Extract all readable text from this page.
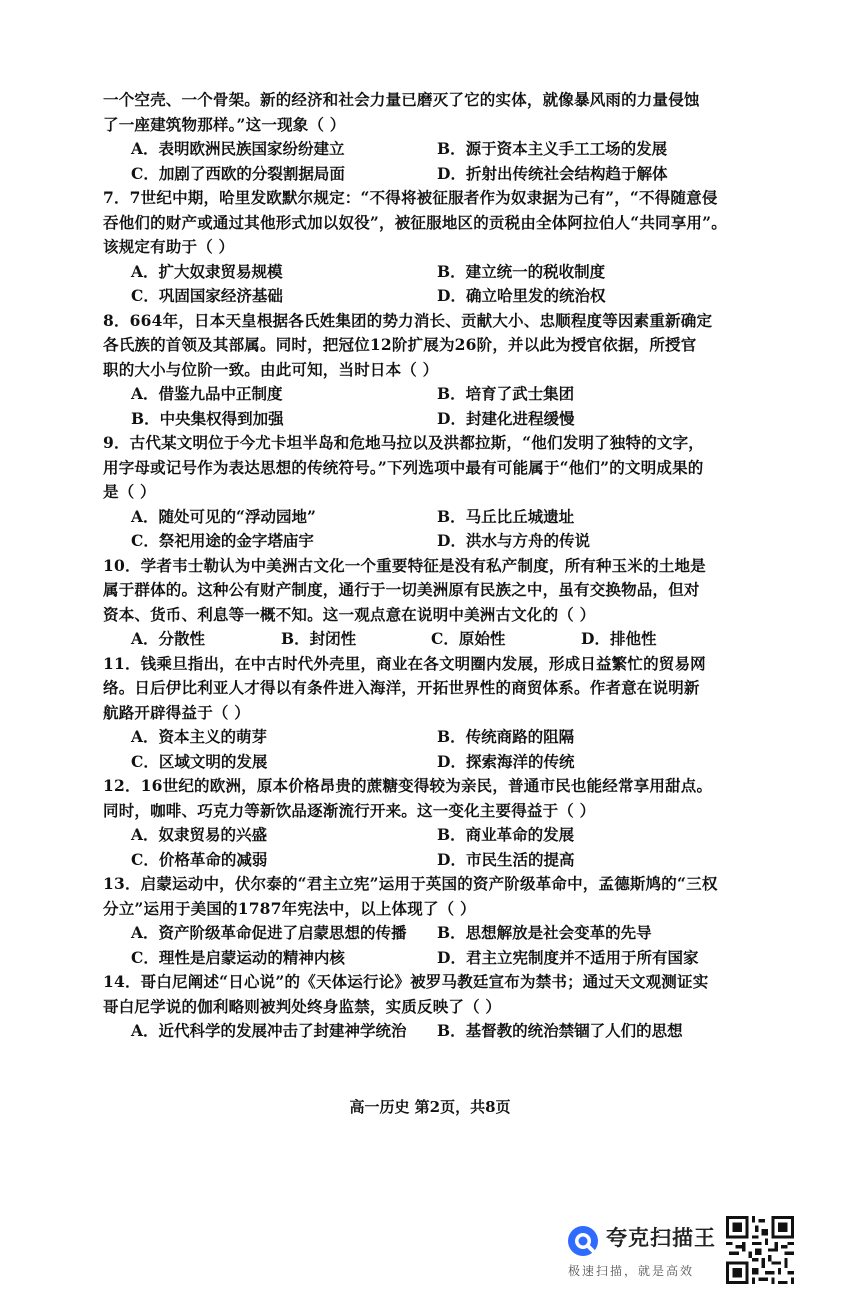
一个空壳、一个骨架。新的经济和社会力量已磨灭了它的实体，就像暴风雨的力量侵蚀
了一座建筑物那样。”这一现象（ ）
A．表明欧洲民族国家纷纷建立	B．源于资本主义手工工场的发展
C．加剧了西欧的分裂割据局面	D．折射出传统社会结构趋于解体
7．7世纪中期，哈里发欧默尔规定：“不得将被征服者作为奴隶据为己有”，“不得随意侵
吞他们的财产或通过其他形式加以奴役”，被征服地区的贡税由全体阿拉伯人“共同享用”。
该规定有助于（ ）
A．扩大奴隶贸易规模	B．建立统一的税收制度
C．巩固国家经济基础	D．确立哈里发的统治权
8．664年，日本天皇根据各氏姓集团的势力消长、贡献大小、忠顺程度等因素重新确定
各氏族的首领及其部属。同时，把冠位12阶扩展为26阶，并以此为授官依据，所授官
职的大小与位阶一致。由此可知，当时日本（ ）
A．借鉴九品中正制度	B．培育了武士集团
B．中央集权得到加强	D．封建化进程缓慢
9．古代某文明位于今尤卡坦半岛和危地马拉以及洪都拉斯，“他们发明了独特的文字，
用字母或记号作为表达思想的传统符号。”下列选项中最有可能属于“他们”的文明成果的
是（ ）
A．随处可见的“浮动园地”	B．马丘比丘城遗址
C．祭祀用途的金字塔庙宇	D．洪水与方舟的传说
10．学者韦士勒认为中美洲古文化一个重要特征是没有私产制度，所有种玉米的土地是
属于群体的。这种公有财产制度，通行于一切美洲原有民族之中，虽有交换物品，但对
资本、货币、利息等一概不知。这一观点意在说明中美洲古文化的（ ）
A．分散性	B．封闭性	C．原始性	D．排他性
11．钱乘旦指出，在中古时代外壳里，商业在各文明圈内发展，形成日益繁忙的贸易网
络。日后伊比利亚人才得以有条件进入海洋，开拓世界性的商贸体系。作者意在说明新
航路开辟得益于（ ）
A．资本主义的萌芽	B．传统商路的阻隔
C．区域文明的发展	D．探索海洋的传统
12．16世纪的欧洲，原本价格昂贵的蔗糖变得较为亲民，普通市民也能经常享用甜点。
同时，咖啡、巧克力等新饮品逐渐流行开来。这一变化主要得益于（ ）
A．奴隶贸易的兴盛	B．商业革命的发展
C．价格革命的减弱	D．市民生活的提高
13．启蒙运动中，伏尔泰的“君主立宪”运用于英国的资产阶级革命中，孟德斯鸠的“三权
分立”运用于美国的1787年宪法中，以上体现了（ ）
A．资产阶级革命促进了启蒙思想的传播	B．思想解放是社会变革的先导
C．理性是启蒙运动的精神内核	D．君主立宪制度并不适用于所有国家
14．哥白尼阐述“日心说”的《天体运行论》被罗马教廷宣布为禁书；通过天文观测证实
哥白尼学说的伽利略则被判处终身监禁，实质反映了（ ）
A．近代科学的发展冲击了封建神学统治	B．基督教的统治禁锢了人们的思想
高一历史 第2页，共8页
夸克扫描王
极速扫描，就是高效
